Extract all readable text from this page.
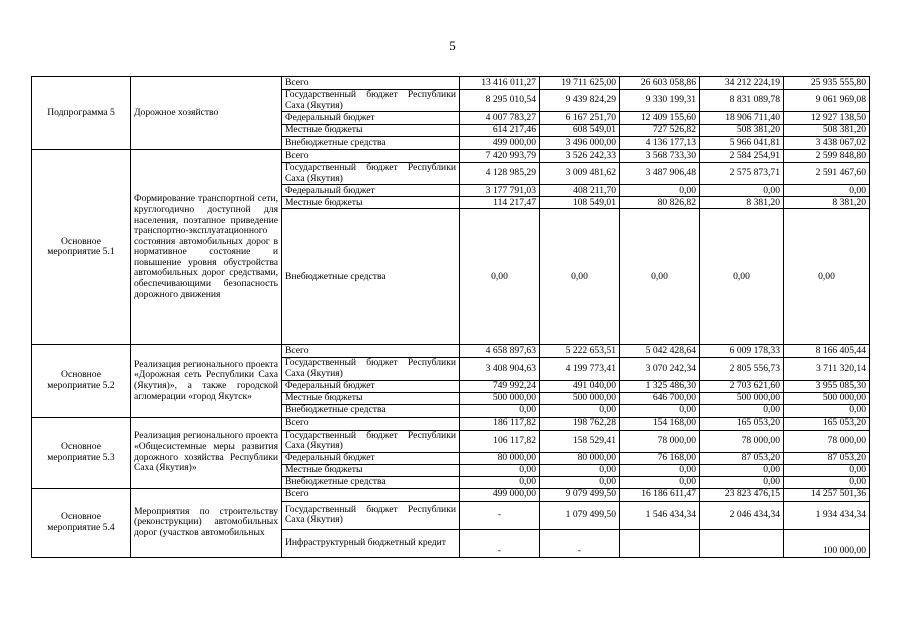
5
Подпрограмма 5	Дорожное хозяйство	Всего	13 416 011,27	19 711 625,00	26 603 058,86	34 212 224,19	25 935 555,80
		Государственный бюджет Республики Саха (Якутия)	8 295 010,54	9 439 824,29	9 330 199,31	8 831 089,78	9 061 969,08
		Федеральный бюджет	4 007 783,27	6 167 251,70	12 409 155,60	18 906 711,40	12 927 138,50
		Местные бюджеты	614 217,46	608 549,01	727 526,82	508 381,20	508 381,20
		Внебюджетные средства	499 000,00	3 496 000,00	4 136 177,13	5 966 041,81	3 438 067,02
Основное мероприятие 5.1	Формирование транспортной сети, круглогодично доступной для населения, поэтапное приведение транспортно-эксплуатационного состояния автомобильных дорог в нормативное состояние и повышение уровня обустройства автомобильных дорог средствами, обеспечивающими безопасность дорожного движения	Всего	7 420 993,79	3 526 242,33	3 568 733,30	2 584 254,91	2 599 848,80
		Государственный бюджет Республики Саха (Якутия)	4 128 985,29	3 009 481,62	3 487 906,48	2 575 873,71	2 591 467,60
		Федеральный бюджет	3 177 791,03	408 211,70	0,00	0,00	0,00
		Местные бюджеты	114 217,47	108 549,01	80 826,82	8 381,20	8 381,20
		Внебюджетные средства	0,00	0,00	0,00	0,00	0,00
Основное мероприятие 5.2	Реализация регионального проекта «Дорожная сеть Республики Саха (Якутия)», а также городской агломерации «город Якутск»	Всего	4 658 897,63	5 222 653,51	5 042 428,64	6 009 178,33	8 166 405,44
		Государственный бюджет Республики Саха (Якутия)	3 408 904,63	4 199 773,41	3 070 242,34	2 805 556,73	3 711 320,14
		Федеральный бюджет	749 992,24	491 040,00	1 325 486,30	2 703 621,60	3 955 085,30
		Местные бюджеты	500 000,00	500 000,00	646 700,00	500 000,00	500 000,00
		Внебюджетные средства	0,00	0,00	0,00	0,00	0,00
Основное мероприятие 5.3	Реализация регионального проекта «Общесистемные меры развития дорожного хозяйства Республики Саха (Якутия)»	Всего	186 117,82	198 762,28	154 168,00	165 053,20	165 053,20
		Государственный бюджет Республики Саха (Якутия)	106 117,82	158 529,41	78 000,00	78 000,00	78 000,00
		Федеральный бюджет	80 000,00	80 000,00	76 168,00	87 053,20	87 053,20
		Местные бюджеты	0,00	0,00	0,00	0,00	0,00
		Внебюджетные средства	0,00	0,00	0,00	0,00	0,00
Основное мероприятие 5.4	Мероприятия по строительству (реконструкции) автомобильных дорог (участков автомобильных	Всего	499 000,00	9 079 499,50	16 186 611,47	23 823 476,15	14 257 501,36
		Государственный бюджет Республики Саха (Якутия)	-	1 079 499,50	1 546 434,34	2 046 434,34	1 934 434,34
		Инфраструктурный бюджетный кредит	-	-			100 000,00
